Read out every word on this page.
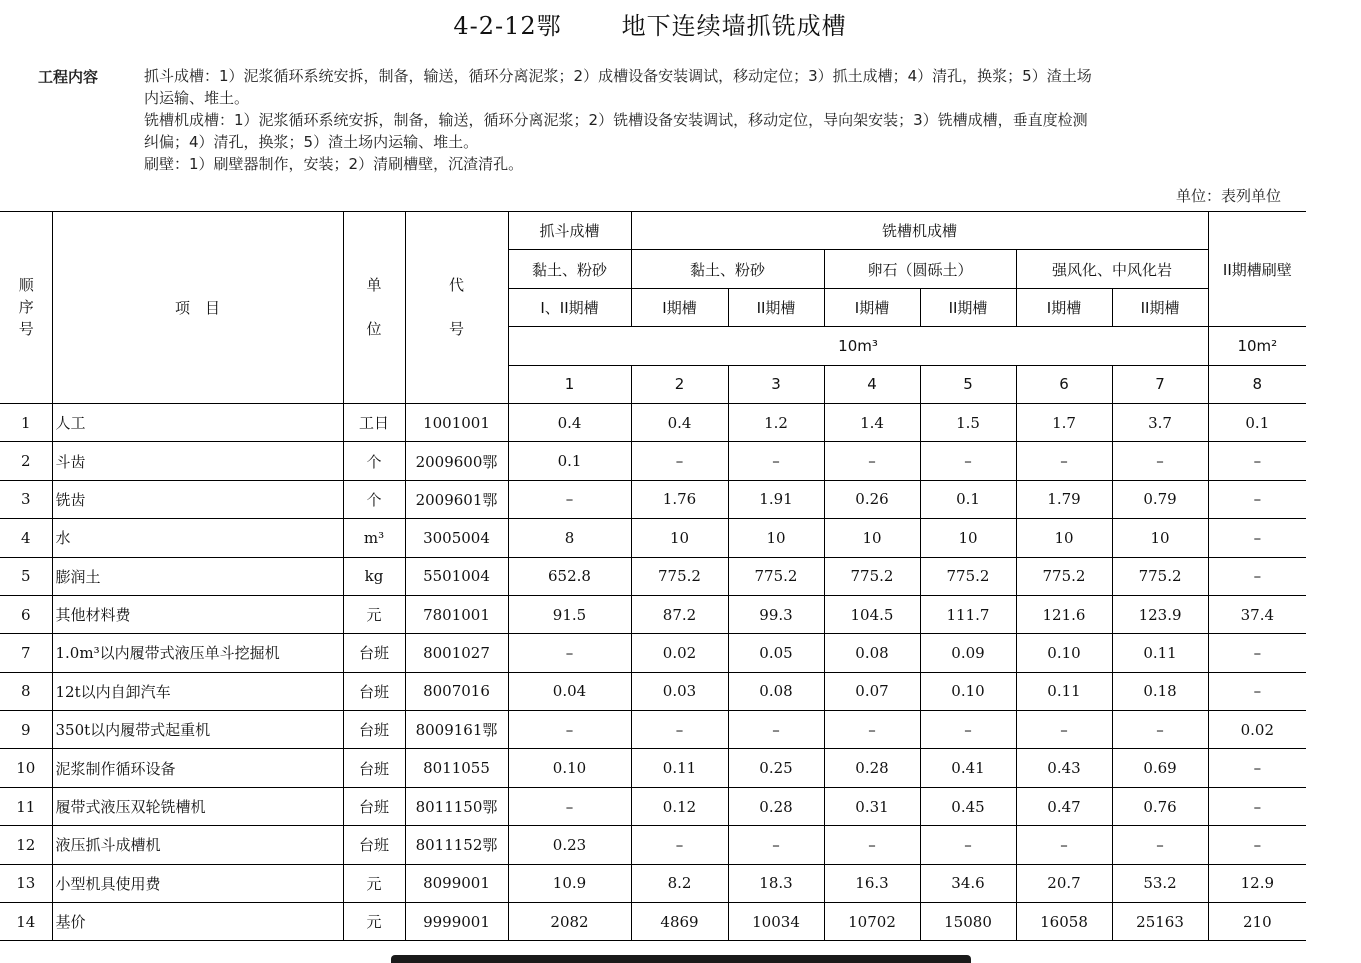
4-2-12鄂	地下连续墙抓铣成槽
工程内容	抓斗成槽：1）泥浆循环系统安拆，制备，输送，循环分离泥浆；2）成槽设备安装调试，移动定位；3）抓土成槽；4）清孔，换浆；5）渣土场
内运输、堆土。
铣槽机成槽：1）泥浆循环系统安拆，制备，输送，循环分离泥浆；2）铣槽设备安装调试，移动定位，导向架安装；3）铣槽成槽，垂直度检测
纠偏；4）清孔，换浆；5）渣土场内运输、堆土。
刷壁：1）刷壁器制作，安装；2）清刷槽壁，沉渣清孔。
单位：表列单位
顺序号	项　目	单位	代号	抓斗成槽	铣槽机成槽						II期槽刷壁
				黏土、粉砂	黏土、粉砂		卵石（圆砾土）		强风化、中风化岩		
				I、II期槽	I期槽	II期槽	I期槽	II期槽	I期槽	II期槽	
				10m³							10m²
				1	2	3	4	5	6	7	8
1	人工	工日	1001001	0.4	0.4	1.2	1.4	1.5	1.7	3.7	0.1
2	斗齿	个	2009600鄂	0.1	–	–	–	–	–	–	–
3	铣齿	个	2009601鄂	–	1.76	1.91	0.26	0.1	1.79	0.79	–
4	水	m³	3005004	8	10	10	10	10	10	10	–
5	膨润土	kg	5501004	652.8	775.2	775.2	775.2	775.2	775.2	775.2	–
6	其他材料费	元	7801001	91.5	87.2	99.3	104.5	111.7	121.6	123.9	37.4
7	1.0m³以内履带式液压单斗挖掘机	台班	8001027	–	0.02	0.05	0.08	0.09	0.10	0.11	–
8	12t以内自卸汽车	台班	8007016	0.04	0.03	0.08	0.07	0.10	0.11	0.18	–
9	350t以内履带式起重机	台班	8009161鄂	–	–	–	–	–	–	–	0.02
10	泥浆制作循环设备	台班	8011055	0.10	0.11	0.25	0.28	0.41	0.43	0.69	–
11	履带式液压双轮铣槽机	台班	8011150鄂	–	0.12	0.28	0.31	0.45	0.47	0.76	–
12	液压抓斗成槽机	台班	8011152鄂	0.23	–	–	–	–	–	–	–
13	小型机具使用费	元	8099001	10.9	8.2	18.3	16.3	34.6	20.7	53.2	12.9
14	基价	元	9999001	2082	4869	10034	10702	15080	16058	25163	210
